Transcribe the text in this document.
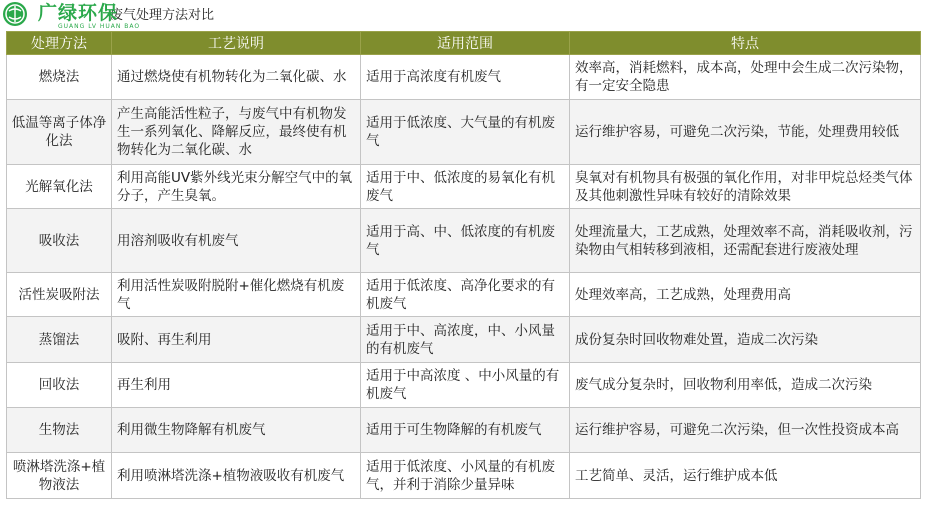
废气处理方法对比
广绿环保
GUANG LV HUAN BAO
处理方法	工艺说明	适用范围	特点
燃烧法	通过燃烧使有机物转化为二氧化碳、水	适用于高浓度有机废气	效率高，消耗燃料，成本高，处理中会生成二次污染物，有一定安全隐患
低温等离子体净化法	产生高能活性粒子，与废气中有机物发生一系列氧化、降解反应，最终使有机物转化为二氧化碳、水	适用于低浓度、大气量的有机废气	运行维护容易，可避免二次污染，节能，处理费用较低
光解氧化法	利用高能UV紫外线光束分解空气中的氧分子，产生臭氧。	适用于中、低浓度的易氧化有机废气	臭氧对有机物具有极强的氧化作用，对非甲烷总烃类气体及其他刺激性异味有较好的清除效果
吸收法	用溶剂吸收有机废气	适用于高、中、低浓度的有机废气	处理流量大，工艺成熟，处理效率不高，消耗吸收剂，污染物由气相转移到液相，还需配套进行废液处理
活性炭吸附法	利用活性炭吸附脱附+催化燃烧有机废气	适用于低浓度、高净化要求的有机废气	处理效率高，工艺成熟，处理费用高
蒸馏法	吸附、再生利用	适用于中、高浓度，中、小风量的有机废气	成份复杂时回收物难处置，造成二次污染
回收法	再生利用	适用于中高浓度 、中小风量的有机废气	废气成分复杂时，回收物利用率低，造成二次污染
生物法	利用微生物降解有机废气	适用于可生物降解的有机废气	运行维护容易，可避免二次污染，但一次性投资成本高
喷淋塔洗涤+植物液法	利用喷淋塔洗涤+植物液吸收有机废气	适用于低浓度、小风量的有机废气，并利于消除少量异味	工艺简单、灵活，运行维护成本低
